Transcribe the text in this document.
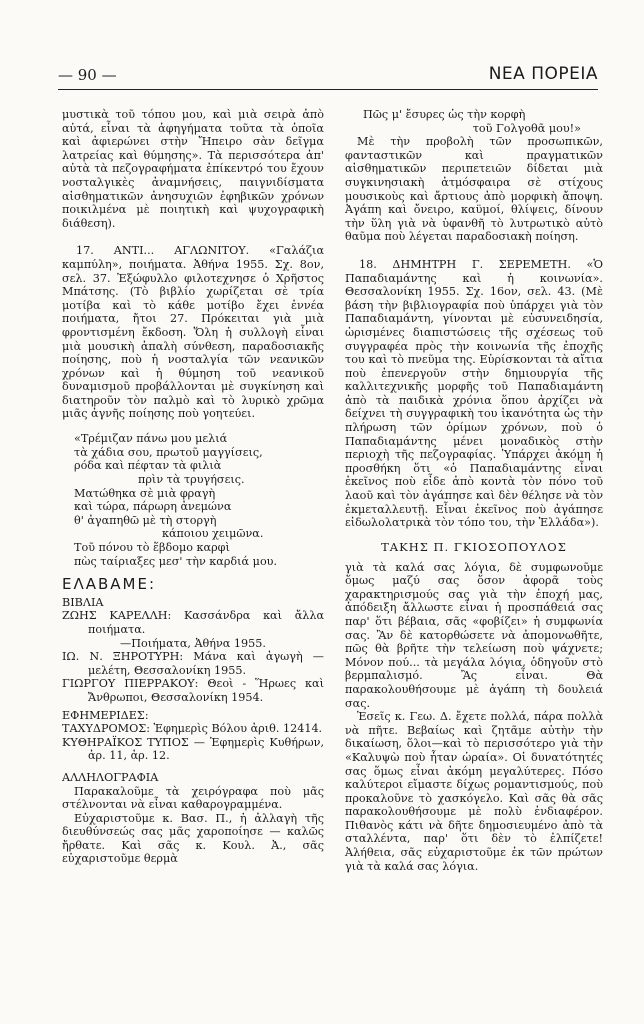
— 90 —	ΝΕΑ ΠΟΡΕΙΑ

μυστικὰ τοῦ τόπου μου, καὶ μιὰ σειρὰ ἀπὸ αὐτά, εἶναι τὰ ἀφηγήματα τοῦτα τὰ ὁποῖα καὶ ἀφιερώνει στὴν Ἤπειρο σὰν δεῖγμα λατρείας καὶ θύμησης». Τὰ περισσότερα ἀπ' αὐτὰ τὰ πεζογραφήματα ἐπίκεντρό του ἔχουν νοσταλγικὲς ἀναμνήσεις, παιγνιδίσματα αἰσθηματικῶν ἀνησυχιῶν ἐφηβικῶν χρόνων ποικιλμένα μὲ ποιητικὴ καὶ ψυχογραφικὴ διάθεση).

17. ΑΝΤΙ... ΑΓΛΩΝΙΤΟΥ. «Γαλάζια καμπύλη», ποιήματα. Ἀθήνα 1955. Σχ. 8ον, σελ. 37. Ἐξώφυλλο φιλοτεχνησε ὁ Χρῆστος Μπάτσης. (Τὸ βιβλίο χωρίζεται σὲ τρία μοτίβα καὶ τὸ κάθε μοτίβο ἔχει ἐννέα ποιήματα, ἤτοι 27. Πρόκειται γιὰ μιὰ φροντισμένη ἔκδοση. Ὅλη ἡ συλλογὴ εἶναι μιὰ μουσικὴ ἁπαλὴ σύνθεση, παραδοσιακῆς ποίησης, ποὺ ἡ νοσταλγία τῶν νεανικῶν χρόνων καὶ ἡ θύμηση τοῦ νεανικοῦ δυναμισμοῦ προβάλλονται μὲ συγκίνηση καὶ διατηροῦν τὸν παλμὸ καὶ τὸ λυρικὸ χρῶμα μιᾶς ἁγνῆς ποίησης ποὺ γοητεύει.

«Τρέμιζαν πάνω μου μελιά
τὰ χάδια σου, πρωτοῦ μαγγίσεις,
ρόδα καὶ πέφταν τὰ φιλιὰ
πρὶν τὰ τρυγήσεις.
Ματώθηκα σὲ μιὰ φραγὴ
καὶ τώρα, πάρωρη ἀνεμώνα
θ' ἀγαπηθῶ μὲ τὴ στοργὴ
κάποιου χειμῶνα.
Τοῦ πόνου τὸ ἕβδομο καρφὶ
πὼς ταίριαξες μεσ' τὴν καρδιά μου.
ΕΛΑΒΑΜΕ:
ΒΙΒΛΙΑ

ΖΩΗΣ ΚΑΡΕΛΛΗ: Κασσάνδρα καὶ ἄλλα ποιήματα.

—Ποιήματα, Ἀθήνα 1955.

ΙΩ. Ν. ΞΗΡΟΤΥΡΗ: Μάνα καὶ ἀγωγὴ — μελέτη, Θεσσαλονίκη 1955.

ΓΙΩΡΓΟΥ ΠΙΕΡΡΑΚΟΥ: Θεοὶ - Ἥρωες καὶ Ἄνθρωποι, Θεσσαλονίκη 1954.

ΕΦΗΜΕΡΙΔΕΣ:

ΤΑΧΥΔΡΟΜΟΣ: Ἐφημερὶς Βόλου ἀριθ. 12414.

ΚΥΘΗΡΑΪΚΟΣ ΤΥΠΟΣ — Ἐφημερὶς Κυθήρων, ἀρ. 11, ἀρ. 12.

ΑΛΛΗΛΟΓΡΑΦΙΑ

Παρακαλοῦμε τὰ χειρόγραφα ποὺ μᾶς στέλνονται νὰ εἶναι καθαρογραμμένα.

Εὐχαριστοῦμε κ. Βασ. Π., ἡ ἀλλαγὴ τῆς διευθύνσεώς σας μᾶς χαροποίησε — καλῶς ἤρθατε. Καὶ σᾶς κ. Κουλ. Ἀ., σᾶς εὐχαριστοῦμε θερμὰ

Πῶς μ' ἔσυρες ὡς τὴν κορφὴ
τοῦ Γολγοθᾶ μου!»

Μὲ τὴν προβολὴ τῶν προσωπικῶν, φανταστικῶν καὶ πραγματικῶν αἰσθηματικῶν περιπετειῶν δίδεται μιὰ συγκινησιακὴ ἀτμόσφαιρα σὲ στίχους μουσικοὺς καὶ ἄρτιους ἀπὸ μορφικὴ ἄποψη. Ἀγάπη καὶ ὄνειρο, καϋμοί, θλίψεις, δίνουν τὴν ὕλη γιὰ νὰ ὑφανθῆ τὸ λυτρωτικὸ αὐτὸ θαῦμα ποὺ λέγεται παραδοσιακὴ ποίηση.

18. ΔΗΜΗΤΡΗ Γ. ΣΕΡΕΜΕΤΗ. «Ὁ Παπαδιαμάντης καὶ ἡ κοινωνία». Θεσσαλονίκη 1955. Σχ. 16ον, σελ. 43. (Μὲ βάση τὴν βιβλιογραφία ποὺ ὑπάρχει γιὰ τὸν Παπαδιαμάντη, γίνονται μὲ εὐσυνειδησία, ὡρισμένες διαπιστώσεις τῆς σχέσεως τοῦ συγγραφέα πρὸς τὴν κοινωνία τῆς ἐποχῆς του καὶ τὸ πνεῦμα της. Εὑρίσκονται τὰ αἴτια ποὺ ἐπενεργοῦν στὴν δημιουργία τῆς καλλιτεχνικῆς μορφῆς τοῦ Παπαδιαμάντη ἀπὸ τὰ παιδικὰ χρόνια ὅπου ἀρχίζει νὰ δείχνει τὴ συγγραφικὴ του ἱκανότητα ὡς τὴν πλήρωση τῶν ὁρίμων χρόνων, ποὺ ὁ Παπαδιαμάντης μένει μοναδικὸς στὴν περιοχὴ τῆς πεζογραφίας. Ὑπάρχει ἀκόμη ἡ προσθήκη ὅτι «ὁ Παπαδιαμάντης εἶναι ἐκεῖνος ποὺ εἶδε ἀπὸ κοντὰ τὸν πόνο τοῦ λαοῦ καὶ τὸν ἀγάπησε καὶ δὲν θέλησε νὰ τὸν ἐκμεταλλευτῇ. Εἶναι ἐκεῖνος ποὺ ἀγάπησε εἰδωλολατρικὰ τὸν τόπο του, τὴν Ἑλλάδα»).

ΤΑΚΗΣ Π. ΓΚΙΟΣΟΠΟΥΛΟΣ

γιὰ τὰ καλά σας λόγια, δὲ συμφωνοῦμε ὅμως μαζύ σας ὅσον ἀφορᾶ τοὺς χαρακτηρισμούς σας γιὰ τὴν ἐποχή μας, ἀπόδειξη ἄλλωστε εἶναι ἡ προσπάθειά σας παρ' ὅτι βέβαια, σᾶς «φοβίζει» ἡ συμφωνία σας. Ἂν δὲ κατορθώσετε νὰ ἀπομονωθῆτε, πῶς θὰ βρῆτε τὴν τελείωση ποὺ ψάχνετε; Μόνον πού... τὰ μεγάλα λόγια, ὁδηγοῦν στὸ βερμπαλισμό. Ἂς εἶναι. Θὰ παρακολουθήσουμε μὲ ἀγάπη τὴ δουλειά σας.

Ἐσεῖς κ. Γεω. Δ. ἔχετε πολλά, πάρα πολλὰ νὰ πῆτε. Βεβαίως καὶ ζητᾶμε αὐτὴν τὴν δικαίωση, ὅλοι—καὶ τὸ περισσότερο γιὰ τὴν «Καλυψὼ ποὺ ἦταν ὡραία». Οἱ δυνατότητές σας ὅμως εἶναι ἀκόμη μεγαλύτερες. Πόσο καλύτεροι εἴμαστε δίχως ρομαντισμούς, ποὺ προκαλοῦνε τὸ χασκόγελο. Καὶ σᾶς θὰ σᾶς παρακολουθήσουμε μὲ πολὺ ἐνδιαφέρον. Πιθανὸς κάτι νὰ δῆτε δημοσιευμένο ἀπὸ τὰ σταλλέντα, παρ' ὅτι δὲν τὸ ἐλπίζετε! Ἀλήθεια, σᾶς εὐχαριστοῦμε ἐκ τῶν πρώτων γιὰ τὰ καλά σας λόγια.
